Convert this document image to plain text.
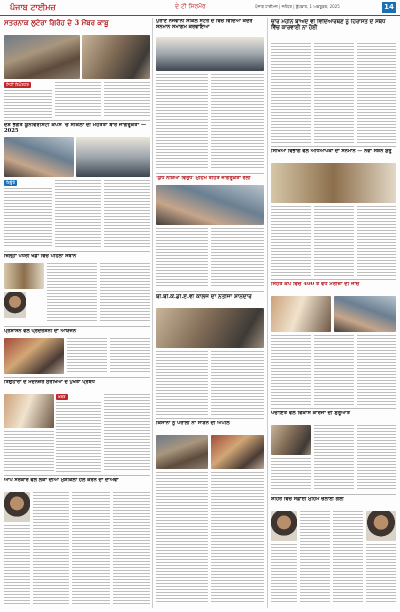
ਪੰਜਾਬ ਟਾਈਮਜ਼	ਦੇ ਟੀ ਸਿਰਮੌਰ	ਪੰਜਾਬ ਟਾਈਮਜ਼ | ਜਲੰਧਰ | ਬੁੱਧਵਾਰ, 1 ਅਕਤੂਬਰ, 2025	14
ਸਤਰਨਾਕ ਲੁਟੇਰਾ ਗਿਰੋਹ ਦੇ 3 ਮੈਂਬਰ ਕਾਬੂ
ਸਿਟੀ ਰਿਪੋਰਟਰ
ਦੇਸ਼ ਭਗਤ ਯੂਨੀਵਰਸਿਟੀ ਕੈਂਪਸ 'ਚ ਸਕਿੱਲਾਂ ਦੀ ਮਹੱਤਤਾ ਬਾਰੇ ਜਾਗਰੂਕਤਾ — 2025
ਬਿਊਰੋ
ਜ਼ਿਲ੍ਹਾ ਪੱਧਰੀ ਖੇਡਾਂ ਵਿੱਚ ਪਹਿਲਾ ਸਥਾਨ
ਪ੍ਰਸ਼ਾਸਨ ਵੱਲੋਂ ਪ੍ਰਦਰਸ਼ਨੀ ਦਾ ਆਯੋਜਨ
ਤਿਉਹਾਰਾਂ ਦੇ ਮੱਦੇਨਜ਼ਰ ਸੁਰੱਖਿਆ ਦੇ ਪੁਖਤਾ ਪ੍ਰਬੰਧ
ਖ਼ਬਰ
ਆਪ ਸਰਕਾਰ ਵੱਲੋਂ ਲੋਕਾਂ ਦੀਆਂ ਮੁਸ਼ਕਿਲਾਂ ਹੱਲ ਕਰਨ ਦਾ ਦਾਅਵਾ
ਪੁਰਾਣੇ ਨੌਜਵਾਨੀ ਸਕਿੱਲ ਸੈਂਟਰ ਦੇ ਵਿੱਚ ਵਿੱਦਿਆ ਕੇਂਦਰ ਸਨਮਾਨ ਸਮਾਗਮ ਕਰਵਾਇਆ
'ਯੁੱਧ ਨਸ਼ਿਆਂ ਵਿਰੁੱਧ' ਮੁਹਿੰਮ ਤਹਿਤ ਜਾਗਰੂਕਤਾ ਰੈਲੀ
ਬੀ.ਬੀ.ਕੇ.ਡੀ.ਏ.ਵੀ ਕਾਲਜ ਦਾ ਨਤੀਜਾ ਸ਼ਾਨਦਾਰ
ਕਿਸਾਨਾਂ ਨੂੰ ਪਰਾਲੀ ਨਾ ਸਾੜਨ ਦੀ ਅਪੀਲ
ਚਾਰ ਮਹੀਨੇ ਬਾਅਦ ਵੀ ਵਿਦਿਆਰਥਣ ਨੂੰ ਹਿਰਾਸਤ ਦੇ ਸਬੰਧ ਵਿੱਚ ਕਾਰਵਾਈ ਨਾ ਹੋਈ
ਸਿੱਖਿਆ ਵਿਭਾਗ ਵੱਲੋਂ ਅਧਿਆਪਕਾਂ ਦਾ ਸਨਮਾਨ — ਨਵਾਂ ਸੈਸ਼ਨ ਸ਼ੁਰੂ
ਸਿਹਤ ਕੈਂਪ ਵਿੱਚ 400 ਤੋਂ ਵੱਧ ਮਰੀਜ਼ਾਂ ਦੀ ਜਾਂਚ
ਪੰਚਾਇਤ ਵੱਲੋਂ ਵਿਕਾਸ ਕਾਰਜਾਂ ਦੀ ਸ਼ੁਰੂਆਤ
ਸ਼ਹਿਰ ਵਿੱਚ ਸਫ਼ਾਈ ਮੁਹਿੰਮ ਚਲਾਈ ਗਈ
